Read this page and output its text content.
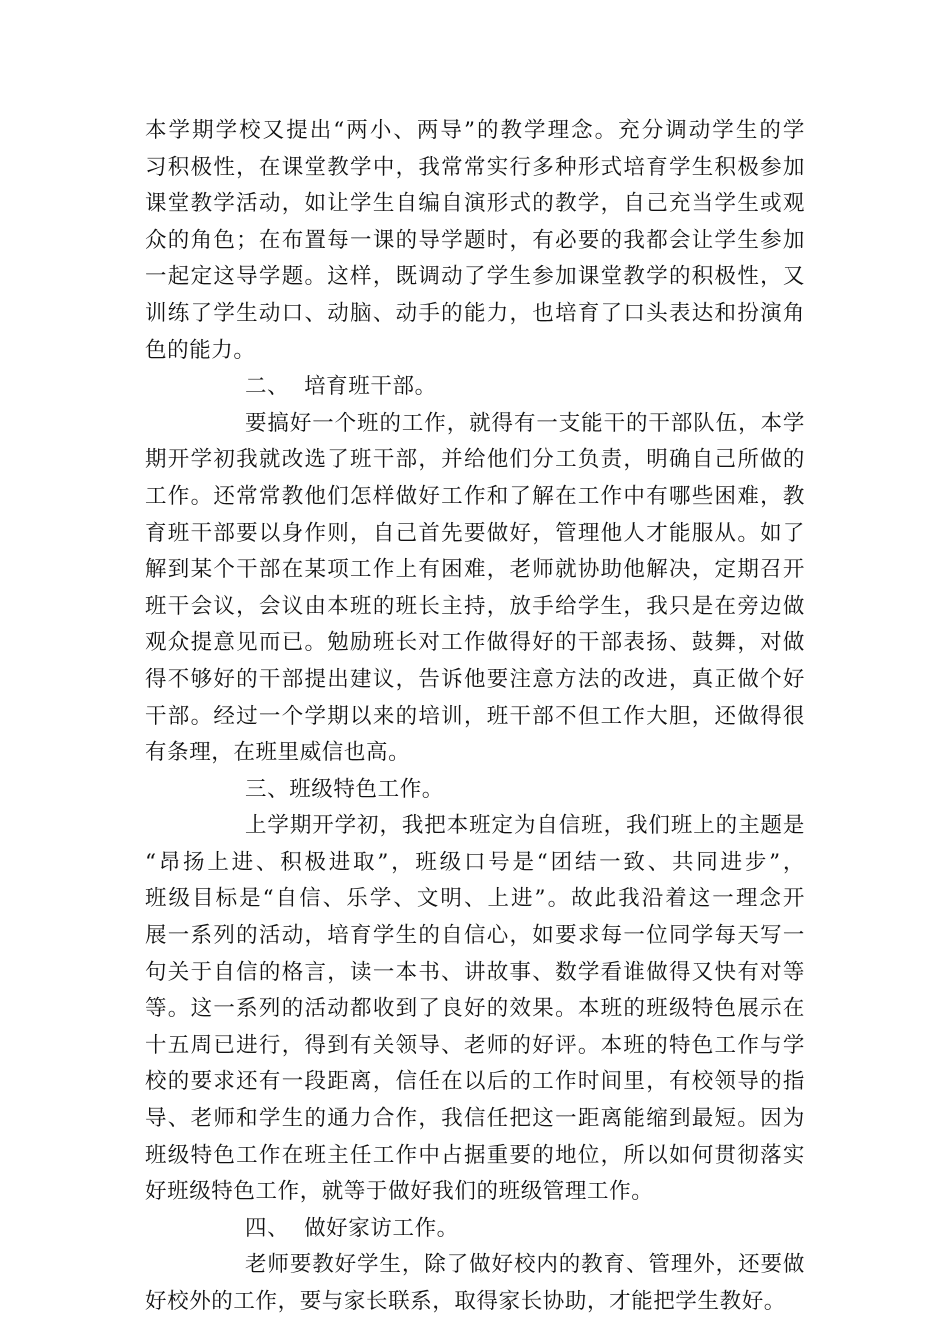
本学期学校又提出“两小、两导”的教学理念。充分调动学生的学
习积极性，在课堂教学中，我常常实行多种形式培育学生积极参加
课堂教学活动，如让学生自编自演形式的教学，自己充当学生或观
众的角色；在布置每一课的导学题时，有必要的我都会让学生参加
一起定这导学题。这样，既调动了学生参加课堂教学的积极性，又
训练了学生动口、动脑、动手的能力，也培育了口头表达和扮演角
色的能力。
二、  培育班干部。
要搞好一个班的工作，就得有一支能干的干部队伍，本学
期开学初我就改选了班干部，并给他们分工负责，明确自己所做的
工作。还常常教他们怎样做好工作和了解在工作中有哪些困难，教
育班干部要以身作则，自己首先要做好，管理他人才能服从。如了
解到某个干部在某项工作上有困难，老师就协助他解决，定期召开
班干会议，会议由本班的班长主持，放手给学生，我只是在旁边做
观众提意见而已。勉励班长对工作做得好的干部表扬、鼓舞，对做
得不够好的干部提出建议，告诉他要注意方法的改进，真正做个好
干部。经过一个学期以来的培训，班干部不但工作大胆，还做得很
有条理，在班里威信也高。
三、班级特色工作。
上学期开学初，我把本班定为自信班，我们班上的主题是
“昂扬上进、积极进取”，班级口号是“团结一致、共同进步”，
班级目标是“自信、乐学、文明、上进”。故此我沿着这一理念开
展一系列的活动，培育学生的自信心，如要求每一位同学每天写一
句关于自信的格言，读一本书、讲故事、数学看谁做得又快有对等
等。这一系列的活动都收到了良好的效果。本班的班级特色展示在
十五周已进行，得到有关领导、老师的好评。本班的特色工作与学
校的要求还有一段距离，信任在以后的工作时间里，有校领导的指
导、老师和学生的通力合作，我信任把这一距离能缩到最短。因为
班级特色工作在班主任工作中占据重要的地位，所以如何贯彻落实
好班级特色工作，就等于做好我们的班级管理工作。
四、  做好家访工作。
老师要教好学生，除了做好校内的教育、管理外，还要做
好校外的工作，要与家长联系，取得家长协助，才能把学生教好。
